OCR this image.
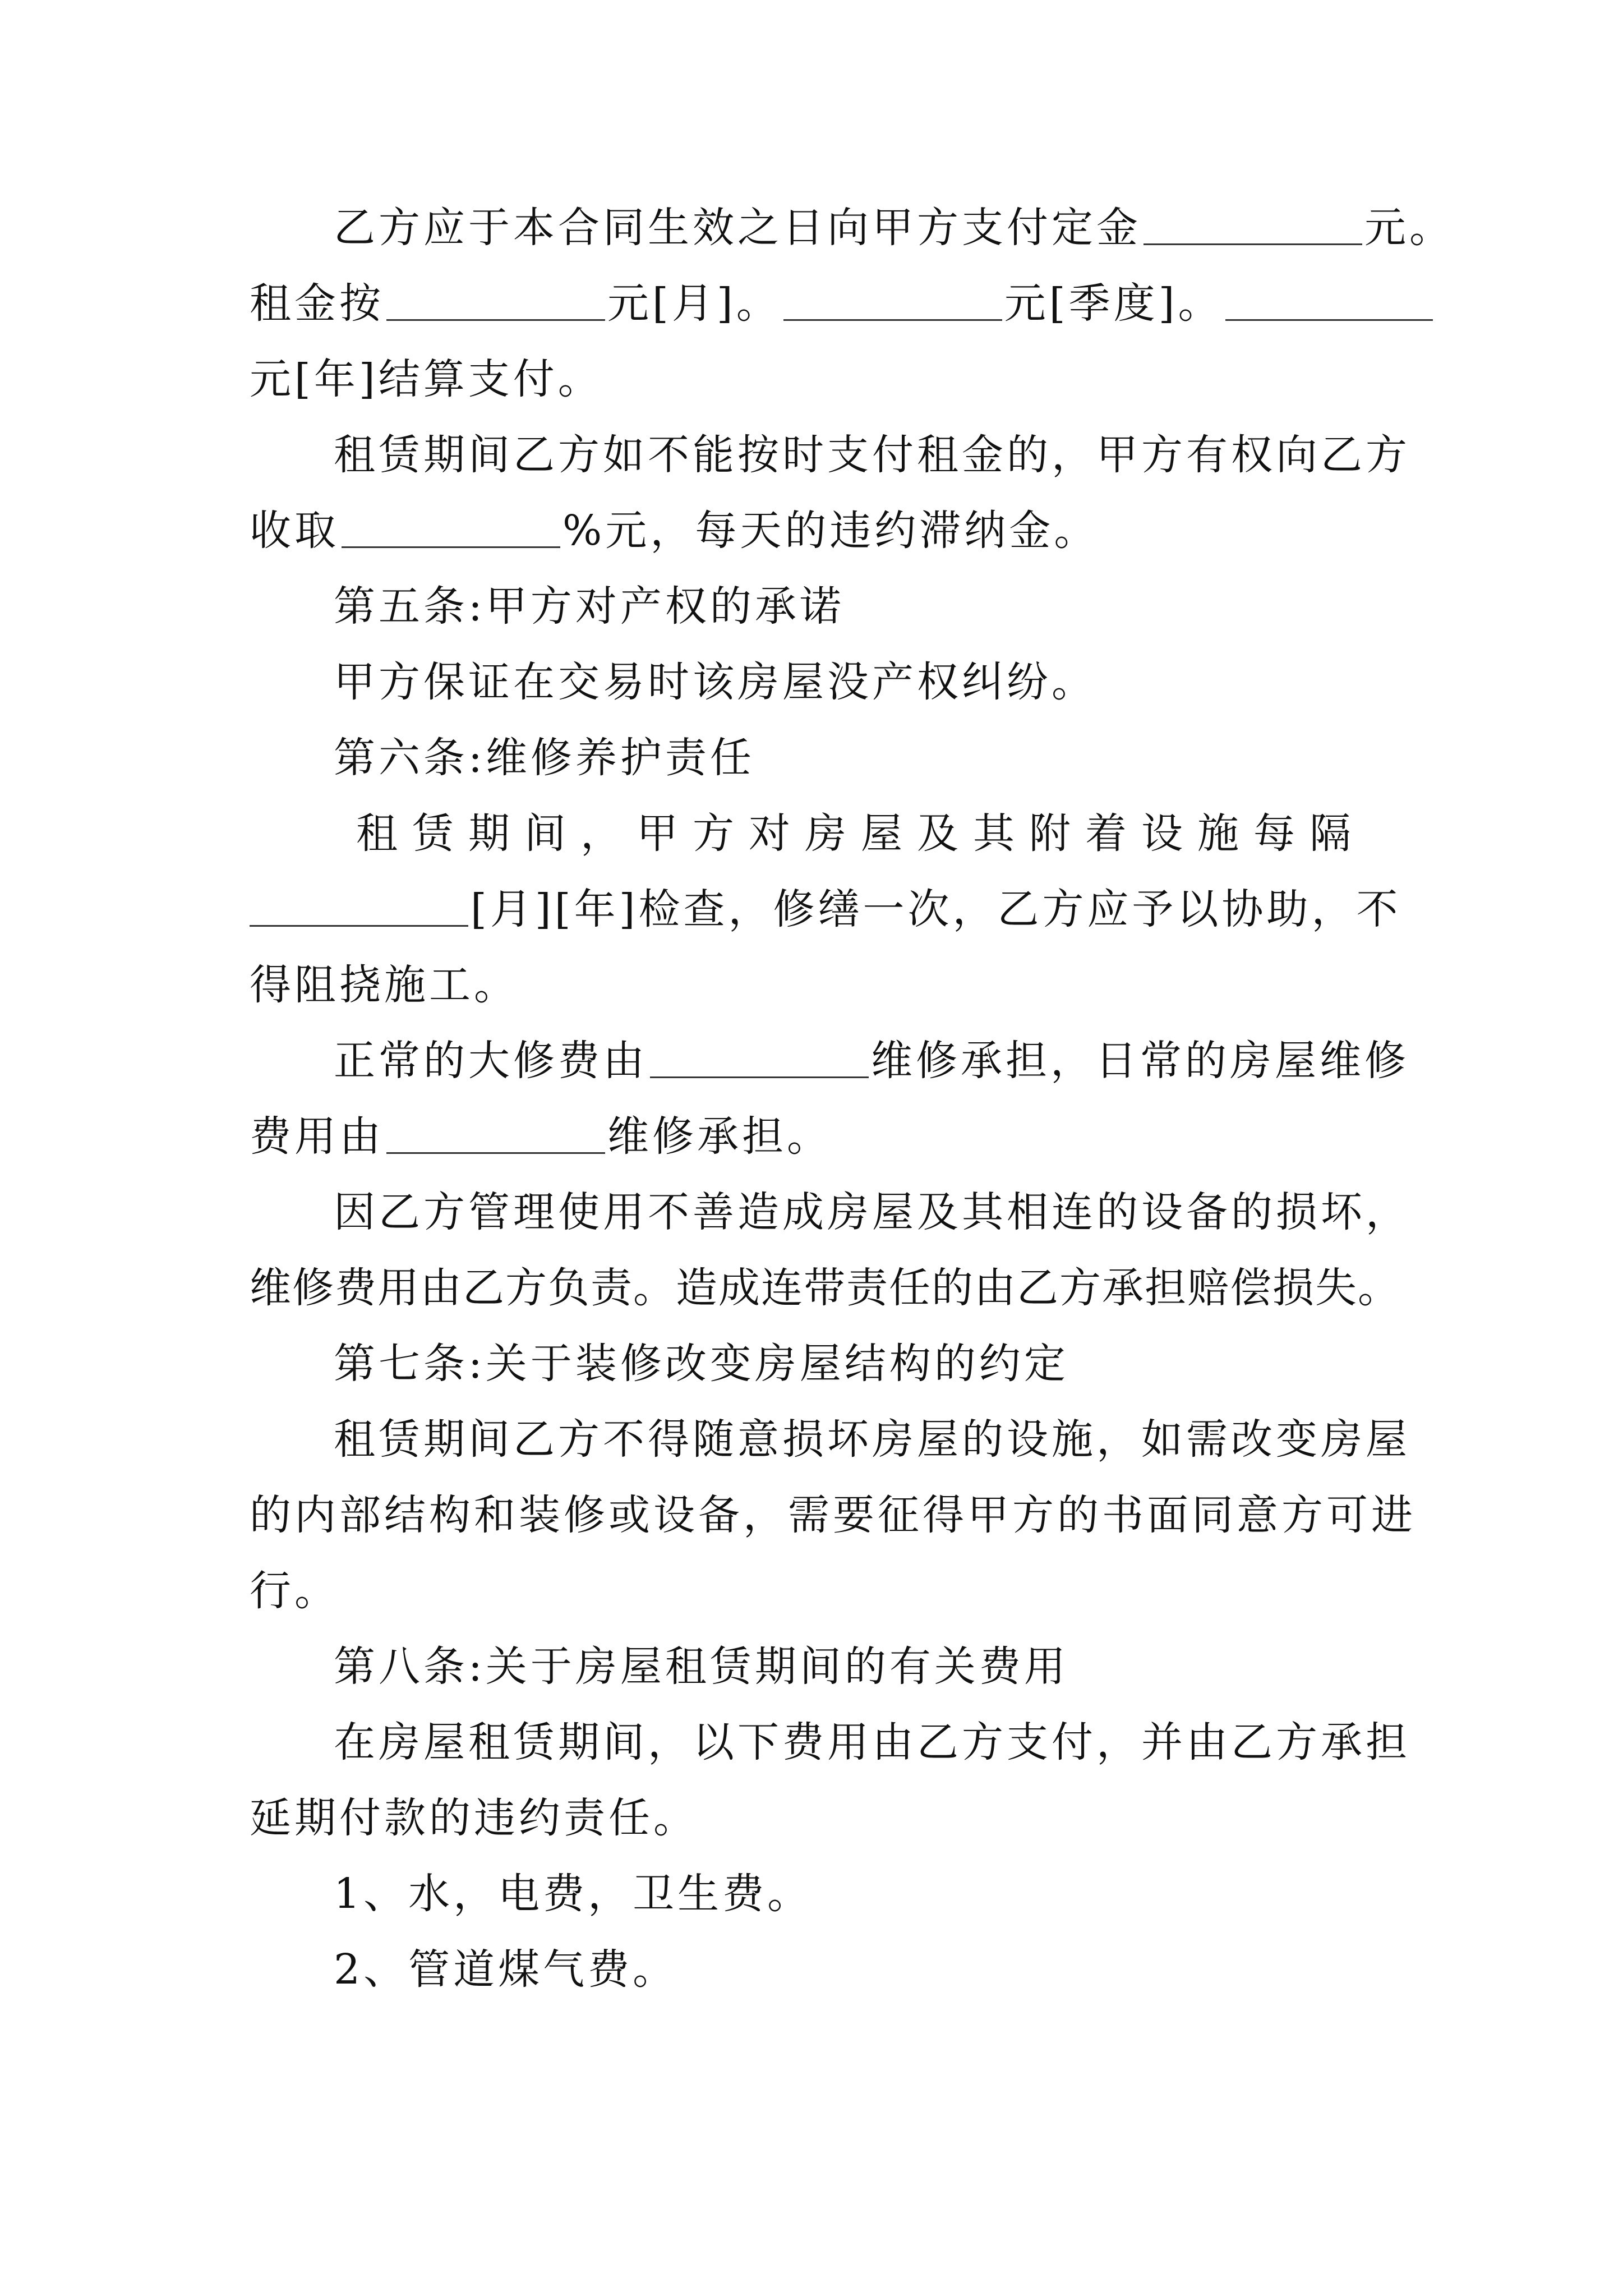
乙方应于本合同生效之日向甲方支付定金	元。
租金按	元[月]。	元[季度]。
元[年]结算支付。
租赁期间乙方如不能按时支付租金的，甲方有权向乙方
收取	%元，每天的违约滞纳金。
第五条:甲方对产权的承诺
甲方保证在交易时该房屋没产权纠纷。
第六条:维修养护责任
租赁期间，甲方对房屋及其附着设施每隔
[月][年]检查，修缮一次，乙方应予以协助，不
得阻挠施工。
正常的大修费由	维修承担，日常的房屋维修
费用由	维修承担。
因乙方管理使用不善造成房屋及其相连的设备的损坏，
维修费用由乙方负责。造成连带责任的由乙方承担赔偿损失。
第七条:关于装修改变房屋结构的约定
租赁期间乙方不得随意损坏房屋的设施，如需改变房屋
的内部结构和装修或设备，需要征得甲方的书面同意方可进
行。
第八条:关于房屋租赁期间的有关费用
在房屋租赁期间，以下费用由乙方支付，并由乙方承担
延期付款的违约责任。
1、水，电费，卫生费。
2、管道煤气费。
